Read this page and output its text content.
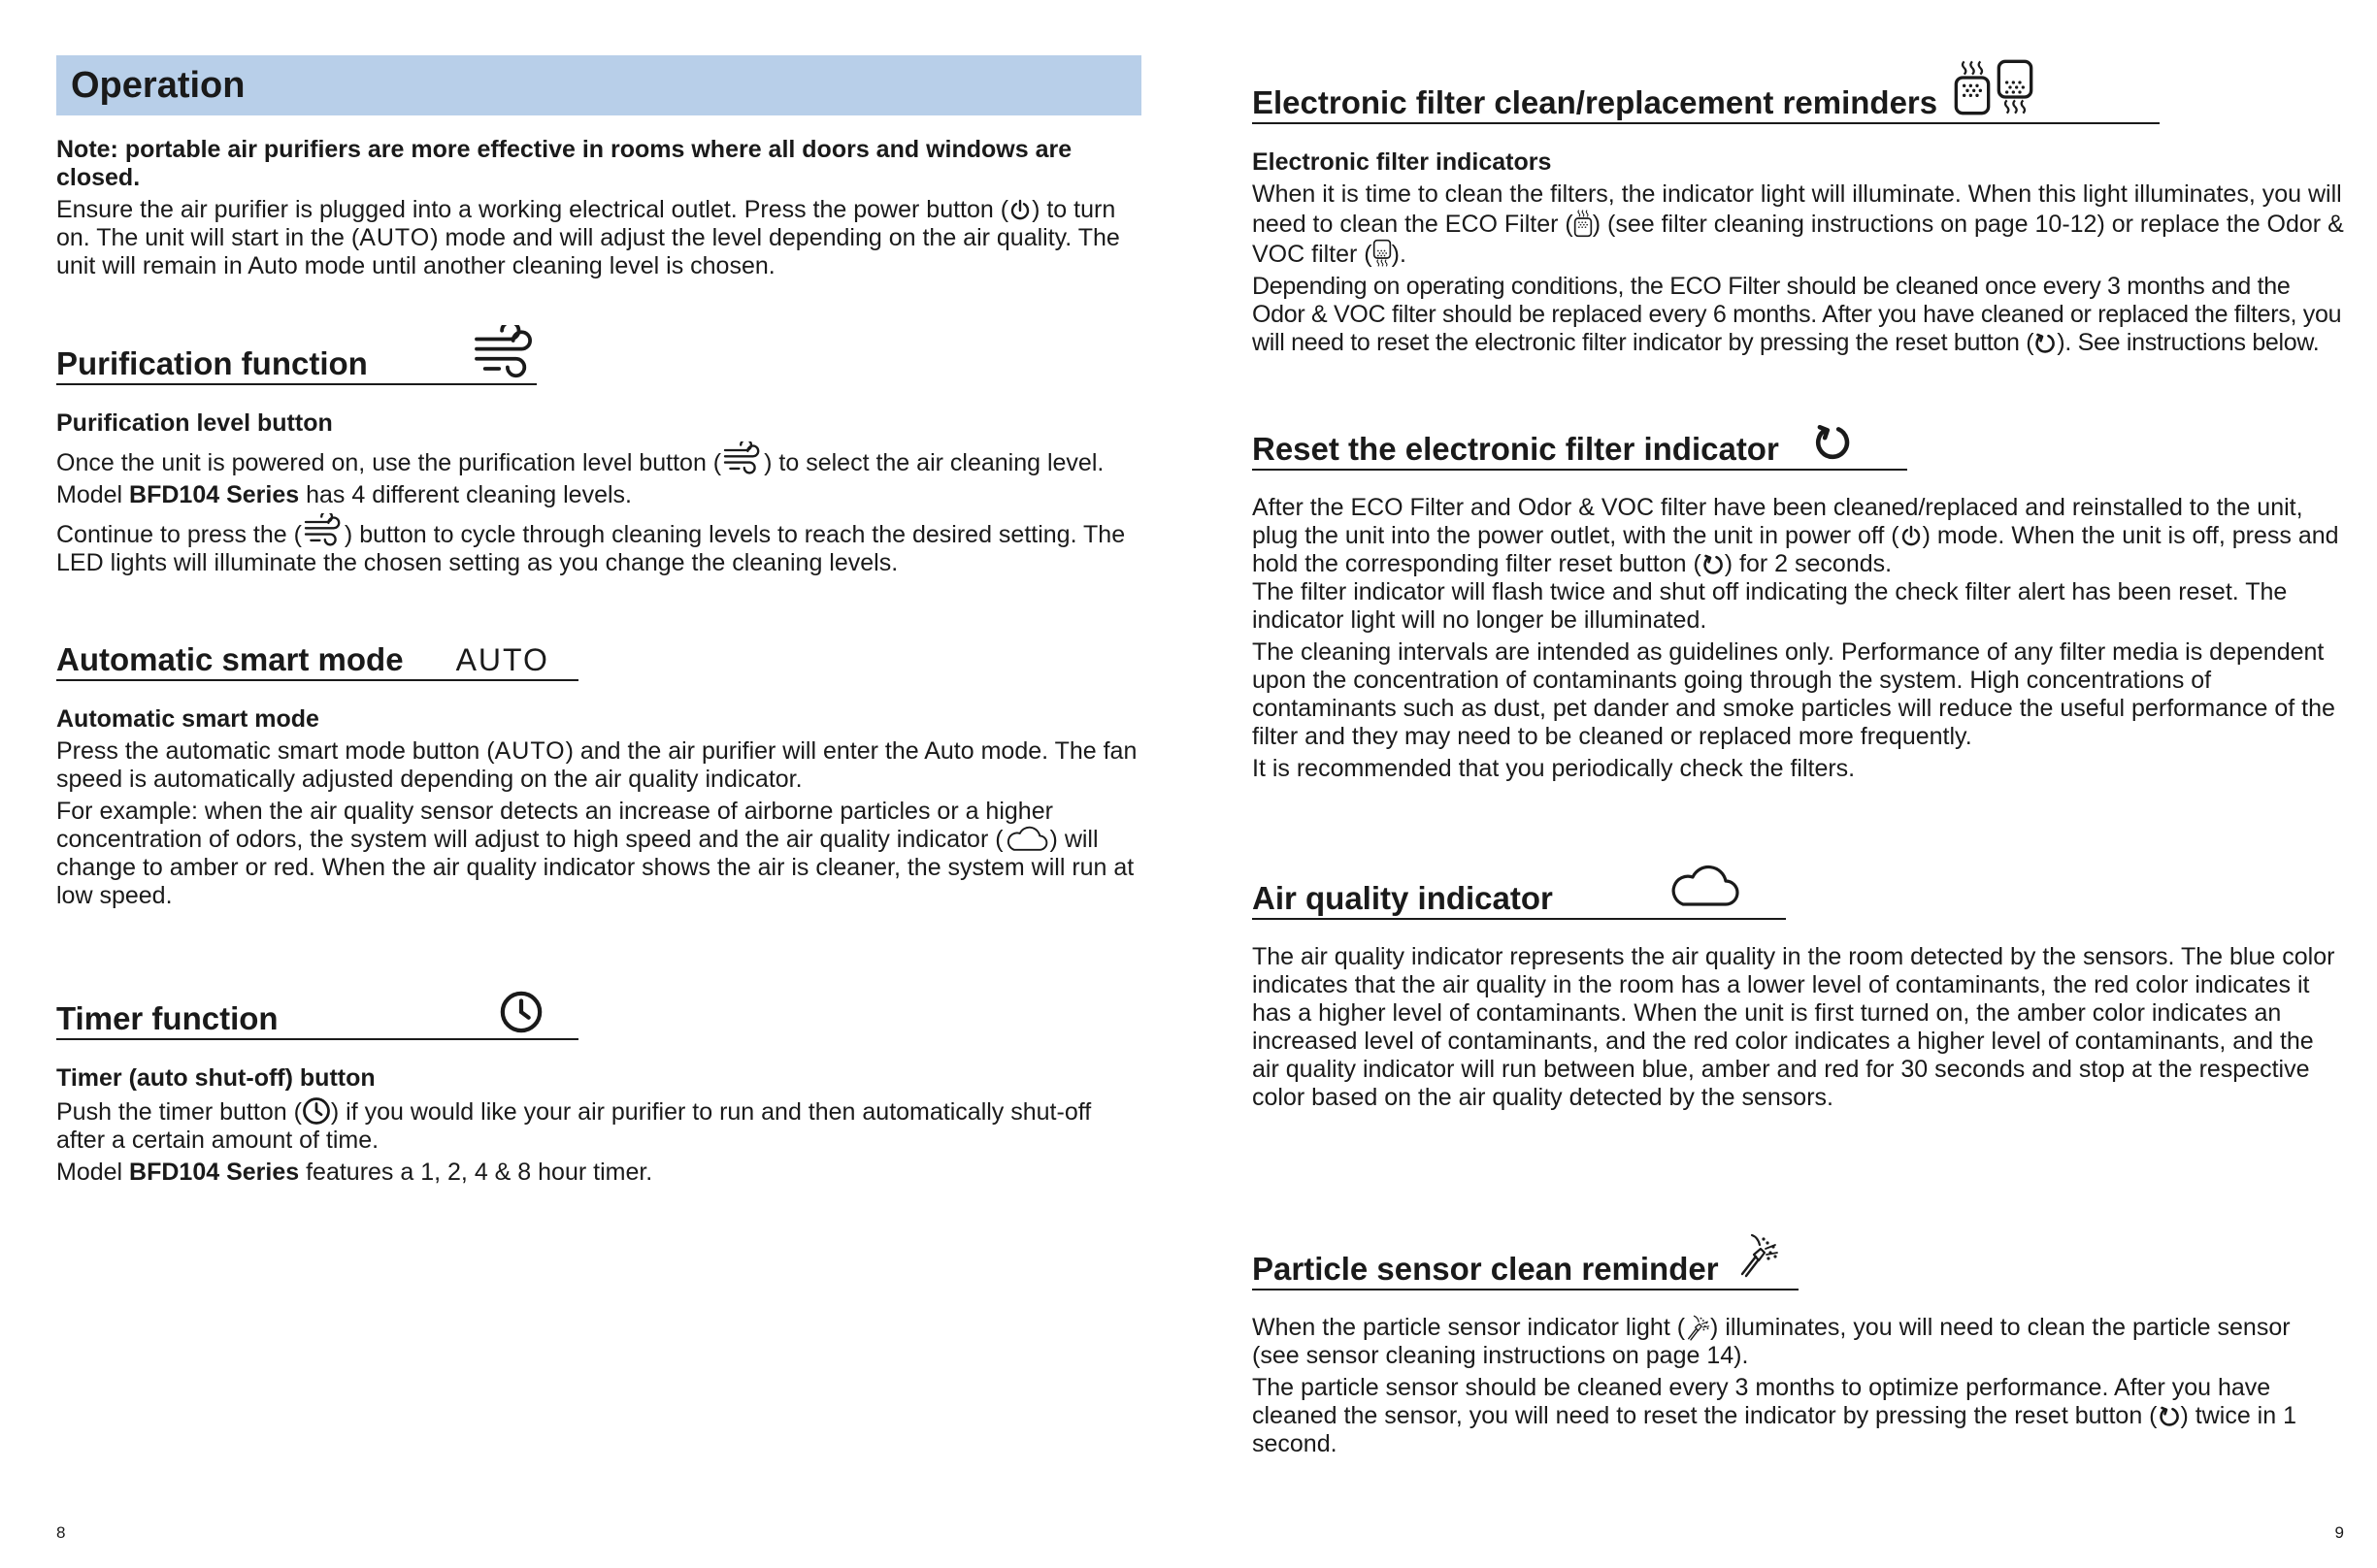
Operation

Note: portable air purifiers are more effective in rooms where all doors and windows are closed.

Ensure the air purifier is plugged into a working electrical outlet. Press the power button ( ) to turn on. The unit will start in the (AUTO) mode and will adjust the level depending on the air quality. The unit will remain in Auto mode until another cleaning level is chosen.

Purification function

Purification level button

Once the unit is powered on, use the purification level button ( ) to select the air cleaning level.

Model BFD104 Series has 4 different cleaning levels.

Continue to press the ( ) button to cycle through cleaning levels to reach the desired setting. The LED lights will illuminate the chosen setting as you change the cleaning levels.

Automatic smart mode AUTO

Automatic smart mode

Press the automatic smart mode button (AUTO) and the air purifier will enter the Auto mode. The fan speed is automatically adjusted depending on the air quality indicator.

For example: when the air quality sensor detects an increase of airborne particles or a higher concentration of odors, the system will adjust to high speed and the air quality indicator ( ) will change to amber or red. When the air quality indicator shows the air is cleaner, the system will run at low speed.

Timer function

Timer (auto shut-off) button

Push the timer button ( ) if you would like your air purifier to run and then automatically shut-off after a certain amount of time.

Model BFD104 Series features a 1, 2, 4 & 8 hour timer.

8
Electronic filter clean/replacement reminders

Electronic filter indicators

When it is time to clean the filters, the indicator light will illuminate. When this light illuminates, you will need to clean the ECO Filter ( ) (see filter cleaning instructions on page 10-12) or replace the Odor & VOC filter ( ).

Depending on operating conditions, the ECO Filter should be cleaned once every 3 months and the Odor & VOC filter should be replaced every 6 months. After you have cleaned or replaced the filters, you will need to reset the electronic filter indicator by pressing the reset button ( ). See instructions below.

Reset the electronic filter indicator

After the ECO Filter and Odor & VOC filter have been cleaned/replaced and reinstalled to the unit, plug the unit into the power outlet, with the unit in power off ( ) mode. When the unit is off, press and hold the corresponding filter reset button ( ) for 2 seconds.

The filter indicator will flash twice and shut off indicating the check filter alert has been reset. The indicator light will no longer be illuminated.

The cleaning intervals are intended as guidelines only. Performance of any filter media is dependent upon the concentration of contaminants going through the system. High concentrations of contaminants such as dust, pet dander and smoke particles will reduce the useful performance of the filter and they may need to be cleaned or replaced more frequently.

It is recommended that you periodically check the filters.

Air quality indicator

The air quality indicator represents the air quality in the room detected by the sensors. The blue color indicates that the air quality in the room has a lower level of contaminants, the red color indicates it has a higher level of contaminants. When the unit is first turned on, the amber color indicates an increased level of contaminants, and the red color indicates a higher level of contaminants, and the air quality indicator will run between blue, amber and red for 30 seconds and stop at the respective color based on the air quality detected by the sensors.

Particle sensor clean reminder

When the particle sensor indicator light ( ) illuminates, you will need to clean the particle sensor (see sensor cleaning instructions on page 14).

The particle sensor should be cleaned every 3 months to optimize performance. After you have cleaned the sensor, you will need to reset the indicator by pressing the reset button ( ) twice in 1 second.

9
